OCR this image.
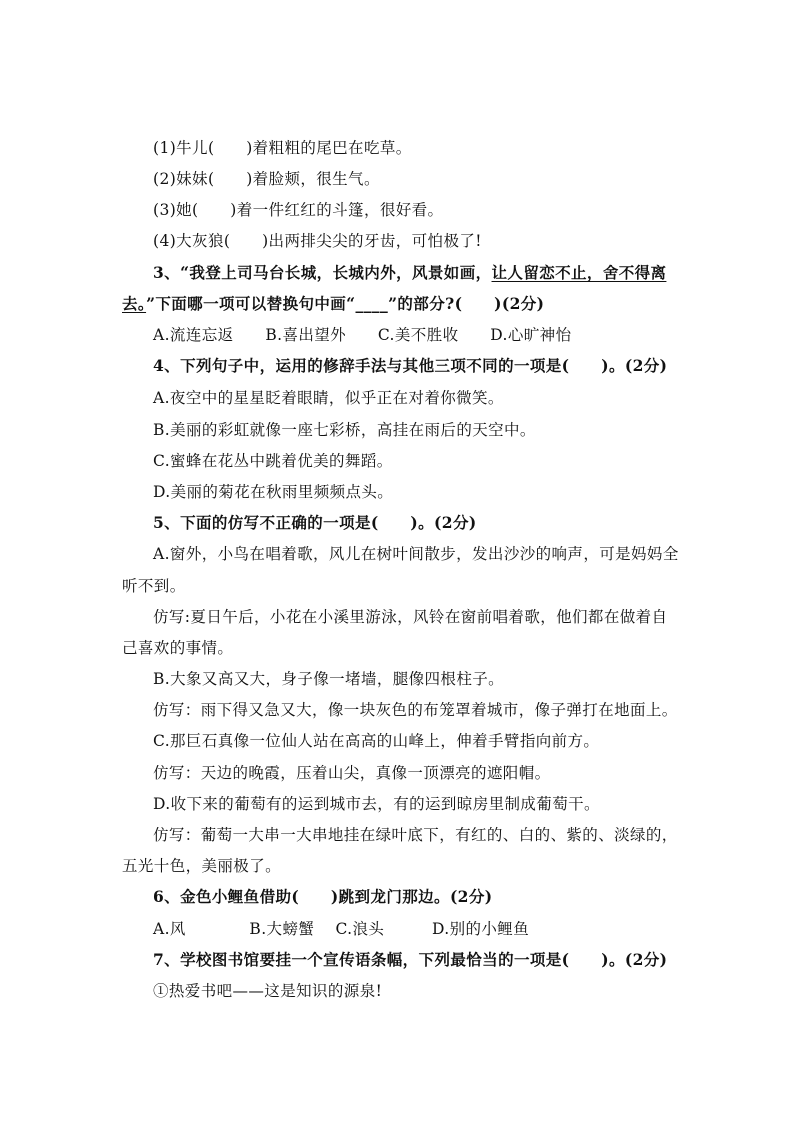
(1)牛儿(　　)着粗粗的尾巴在吃草。
(2)妹妹(　　)着脸颊，很生气。
(3)她(　　)着一件红红的斗篷，很好看。
(4)大灰狼(　　)出两排尖尖的牙齿，可怕极了!
3、“我登上司马台长城，长城内外，风景如画，让人留恋不止，舍不得离
去。”下面哪一项可以替换句中画“____”的部分?(　　)(2分)
A.流连忘返　　B.喜出望外　　C.美不胜收　　D.心旷神怡
4、下列句子中，运用的修辞手法与其他三项不同的一项是(　　)。(2分)
A.夜空中的星星眨着眼睛，似乎正在对着你微笑。
B.美丽的彩虹就像一座七彩桥，高挂在雨后的天空中。
C.蜜蜂在花丛中跳着优美的舞蹈。
D.美丽的菊花在秋雨里频频点头。
5、下面的仿写不正确的一项是(　　)。(2分)
A.窗外，小鸟在唱着歌，风儿在树叶间散步，发出沙沙的响声，可是妈妈全
听不到。
仿写:夏日午后，小花在小溪里游泳，风铃在窗前唱着歌，他们都在做着自
己喜欢的事情。
B.大象又高又大，身子像一堵墙，腿像四根柱子。
仿写：雨下得又急又大，像一块灰色的布笼罩着城市，像子弹打在地面上。
C.那巨石真像一位仙人站在高高的山峰上，伸着手臂指向前方。
仿写：天边的晚霞，压着山尖，真像一顶漂亮的遮阳帽。
D.收下来的葡萄有的运到城市去，有的运到晾房里制成葡萄干。
仿写：葡萄一大串一大串地挂在绿叶底下，有红的、白的、紫的、淡绿的，
五光十色，美丽极了。
6、金色小鲤鱼借助(　　)跳到龙门那边。(2分)
A.风　　　　B.大螃蟹　 C.浪头　　　D.别的小鲤鱼
7、学校图书馆要挂一个宣传语条幅，下列最恰当的一项是(　　)。(2分)
①热爱书吧——这是知识的源泉!
